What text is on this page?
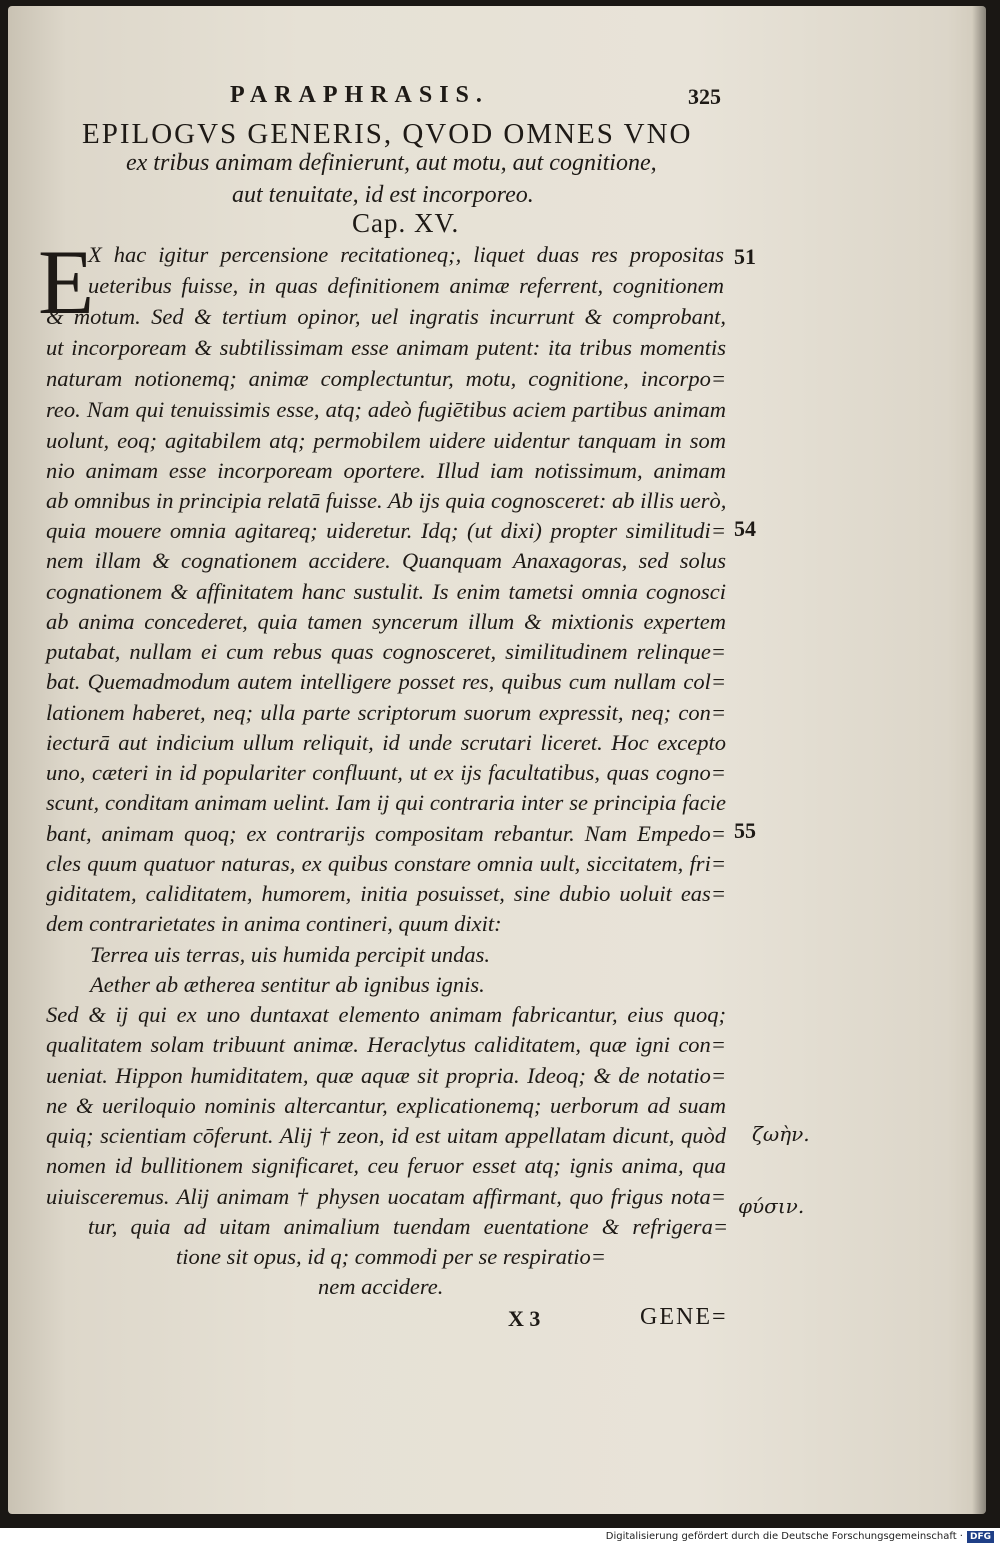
PARAPHRASIS.	325
EPILOGVS GENERIS, QVOD OMNES VNO
ex tribus animam definierunt, aut motu, aut cognitione,
aut tenuitate, id est incorporeo.
Cap. XV.
E
X hac igitur percensione recitationeq;, liquet duas res propositas
ueteribus fuisse, in quas definitionem animæ referrent, cognitionem
& motum. Sed & tertium opinor, uel ingratis incurrunt & comprobant,
ut incorpoream & subtilissimam esse animam putent: ita tribus momentis
naturam notionemq; animæ complectuntur, motu, cognitione, incorpo=
reo. Nam qui tenuissimis esse, atq; adeò fugiētibus aciem partibus animam
uolunt, eoq; agitabilem atq; permobilem uidere uidentur tanquam in som
nio animam esse incorpoream oportere. Illud iam notissimum, animam
ab omnibus in principia relatā fuisse. Ab ijs quia cognosceret: ab illis uerò,
quia mouere omnia agitareq; uideretur. Idq; (ut dixi) propter similitudi=
nem illam & cognationem accidere. Quanquam Anaxagoras, sed solus
cognationem & affinitatem hanc sustulit. Is enim tametsi omnia cognosci
ab anima concederet, quia tamen syncerum illum & mixtionis expertem
putabat, nullam ei cum rebus quas cognosceret, similitudinem relinque=
bat. Quemadmodum autem intelligere posset res, quibus cum nullam col=
lationem haberet, neq; ulla parte scriptorum suorum expressit, neq; con=
iecturā aut indicium ullum reliquit, id unde scrutari liceret. Hoc excepto
uno, cæteri in id populariter confluunt, ut ex ijs facultatibus, quas cogno=
scunt, conditam animam uelint. Iam ij qui contraria inter se principia facie
bant, animam quoq; ex contrarijs compositam rebantur. Nam Empedo=
cles quum quatuor naturas, ex quibus constare omnia uult, siccitatem, fri=
giditatem, caliditatem, humorem, initia posuisset, sine dubio uoluit eas=
dem contrarietates in anima contineri, quum dixit:
Terrea uis terras, uis humida percipit undas.
Aether ab æthereа sentitur ab ignibus ignis.
Sed & ij qui ex uno duntaxat elemento animam fabricantur, eius quoq;
qualitatem solam tribuunt animæ. Heraclytus caliditatem, quæ igni con=
ueniat. Hippon humiditatem, quæ aquæ sit propria. Ideoq; & de notatio=
ne & ueriloquio nominis altercantur, explicationemq; uerborum ad suam
quiq; scientiam cōferunt. Alij † zeon, id est uitam appellatam dicunt, quòd
nomen id bullitionem significaret, ceu feruor esset atq; ignis anima, qua
uiuisceremus. Alij animam † physen uocatam affirmant, quo frigus nota=
tur, quia ad uitam animalium tuendam euentatione & refrigera=
tione sit opus, id q; commodi per se respiratio=
nem accidere.
51
54
55
ζωὴν.
φύσιν.
X 3	GENE=
Digitalisierung gefördert durch die Deutsche Forschungsgemeinschaft · DFG
